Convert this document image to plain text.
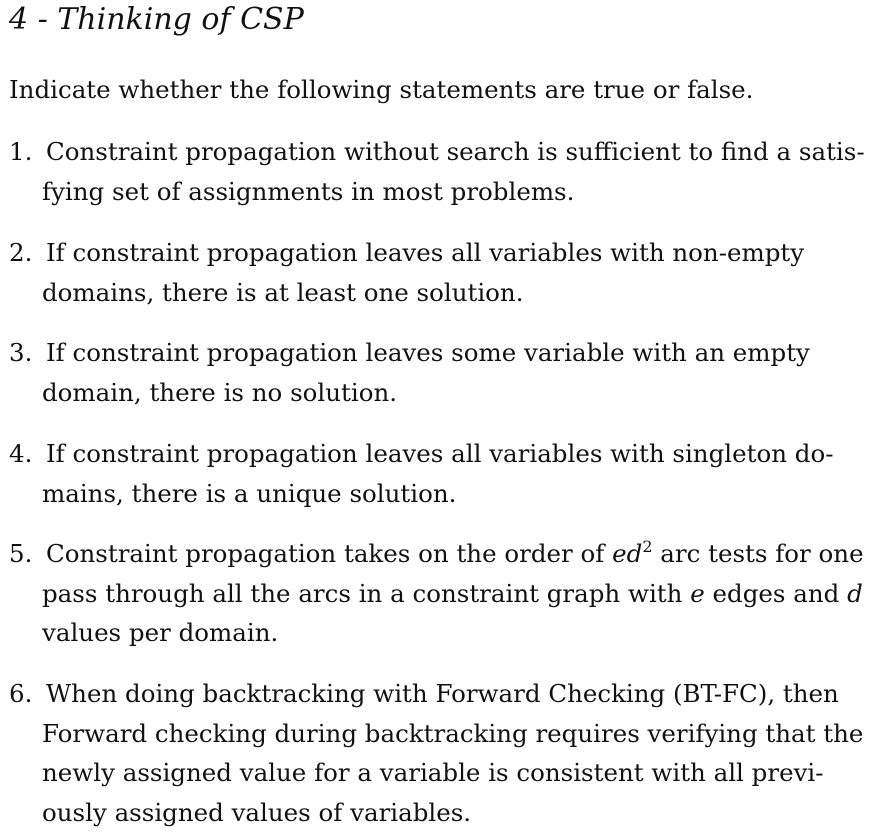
4 - Thinking of CSP

Indicate whether the following statements are true or false.

1. Constraint propagation without search is sufficient to find a satis-
fying set of assignments in most problems.
2. If constraint propagation leaves all variables with non-empty
domains, there is at least one solution.
3. If constraint propagation leaves some variable with an empty
domain, there is no solution.
4. If constraint propagation leaves all variables with singleton do-
mains, there is a unique solution.
5. Constraint propagation takes on the order of $ed^2$ arc tests for one
pass through all the arcs in a constraint graph with e edges and d
values per domain.
6. When doing backtracking with Forward Checking (BT-FC), then
Forward checking during backtracking requires verifying that the
newly assigned value for a variable is consistent with all previ-
ously assigned values of variables.
